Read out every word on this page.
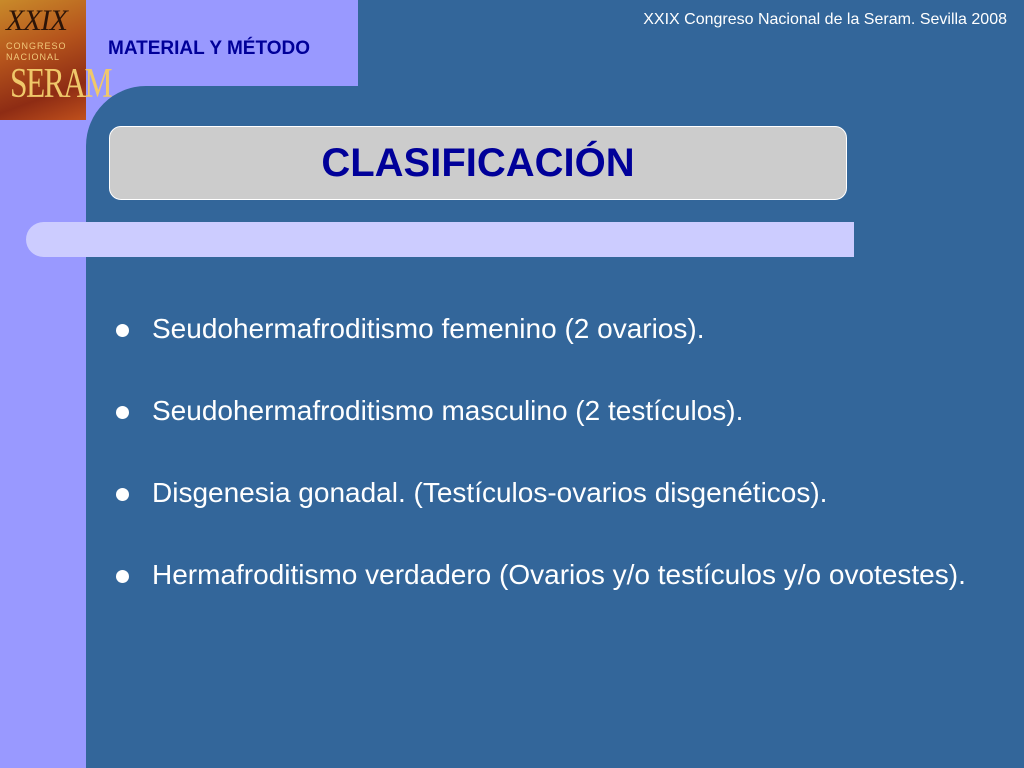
XXIX
CONGRESO
NACIONAL
SERAM
MATERIAL Y MÉTODO
XXIX Congreso Nacional de la Seram. Sevilla 2008
CLASIFICACIÓN
Seudohermafroditismo femenino (2 ovarios).
Seudohermafroditismo masculino (2 testículos).
Disgenesia gonadal. (Testículos-ovarios disgenéticos).
Hermafroditismo verdadero (Ovarios y/o testículos y/o ovotestes).
